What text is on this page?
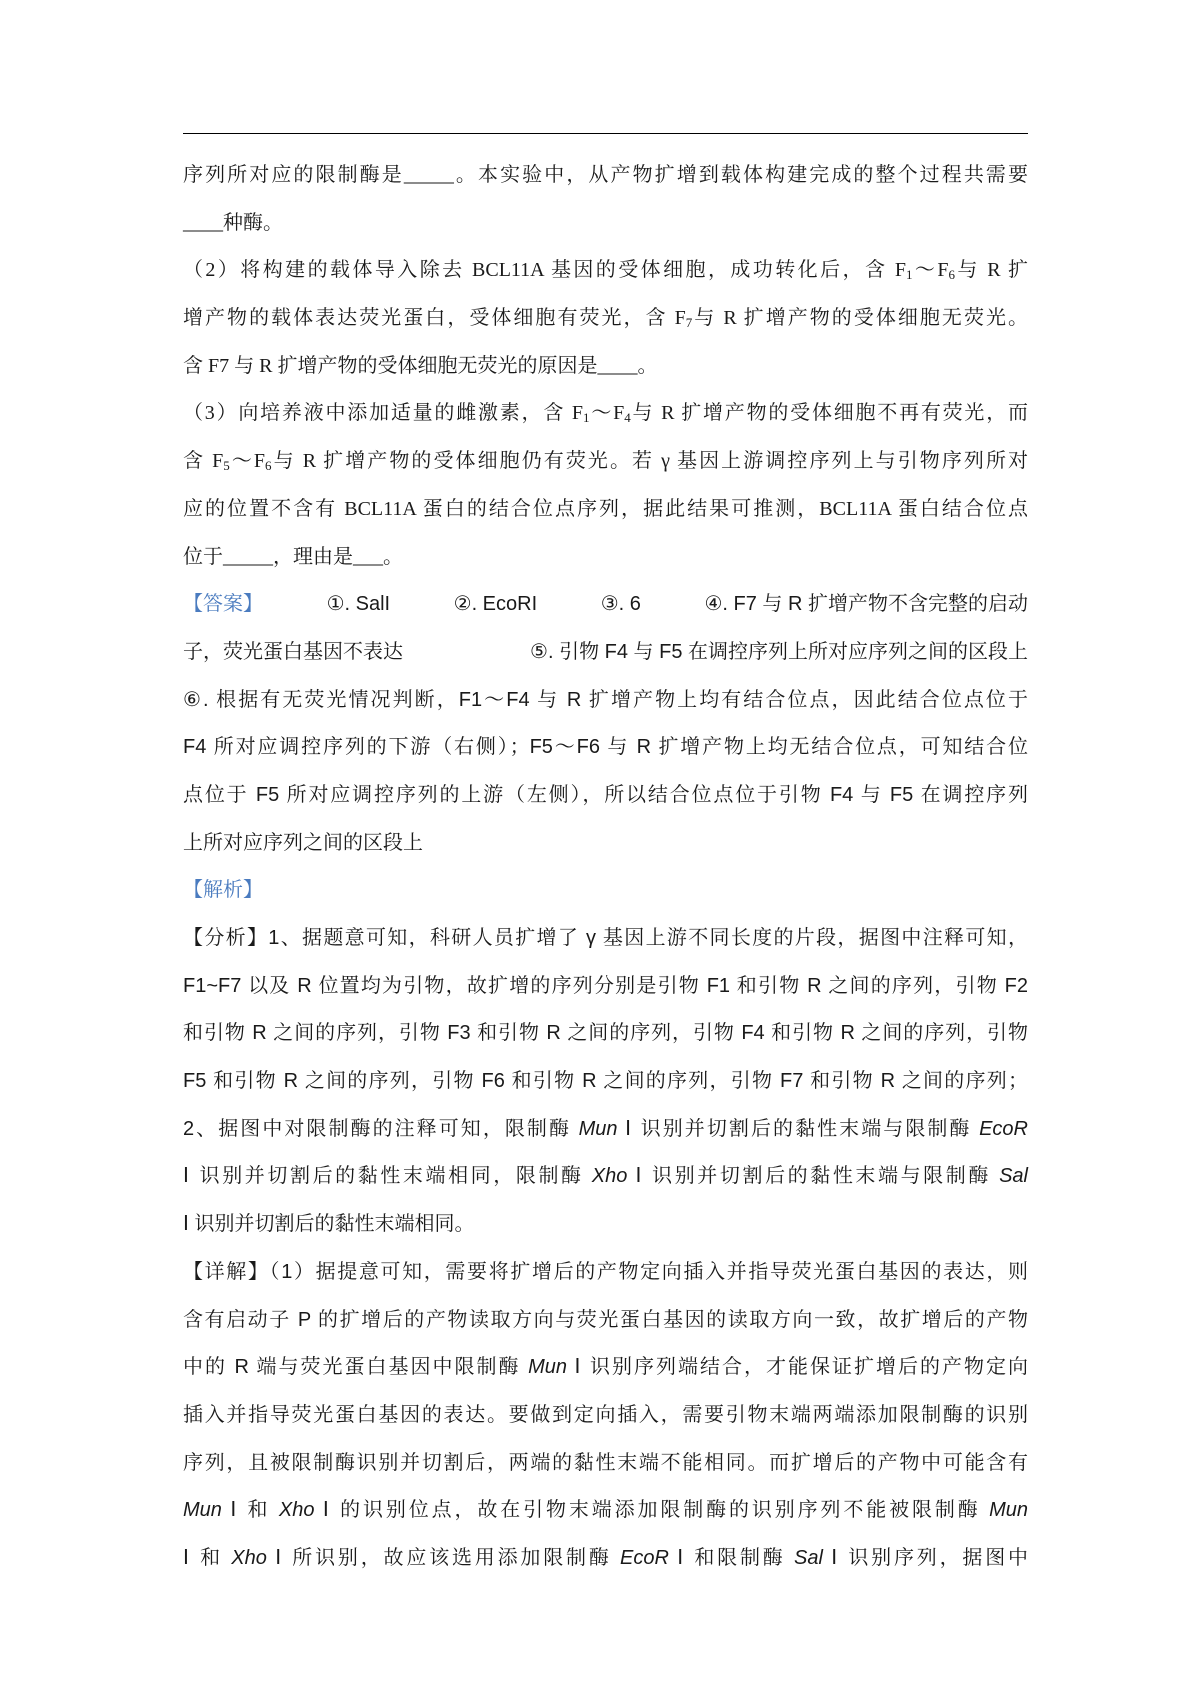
序列所对应的限制酶是_____。本实验中，从产物扩增到载体构建完成的整个过程共需要
____种酶。
（2）将构建的载体导入除去 BCL11A 基因的受体细胞，成功转化后，含 $F_1\sim F_6$与 R 扩
增产物的载体表达荧光蛋白，受体细胞有荧光，含 $F_7$与 R 扩增产物的受体细胞无荧光。
含 F7 与 R 扩增产物的受体细胞无荧光的原因是____。
（3）向培养液中添加适量的雌激素，含 $F_1\sim F_4$与 R 扩增产物的受体细胞不再有荧光，而
含 $F_5\sim F_6$与 R 扩增产物的受体细胞仍有荧光。若 γ 基因上游调控序列上与引物序列所对
应的位置不含有 BCL11A 蛋白的结合位点序列，据此结果可推测，BCL11A 蛋白结合位点
位于_____，理由是___。
【答案】	①. SalI	②. EcoRI	③. 6	④. F7 与 R 扩增产物不含完整的启动
子，荧光蛋白基因不表达	⑤. 引物 F4 与 F5 在调控序列上所对应序列之间的区段上
⑥. 根据有无荧光情况判断，F1～F4 与 R 扩增产物上均有结合位点，因此结合位点位于
F4 所对应调控序列的下游（右侧）；F5～F6 与 R 扩增产物上均无结合位点，可知结合位
点位于 F5 所对应调控序列的上游（左侧），所以结合位点位于引物 F4 与 F5 在调控序列
上所对应序列之间的区段上
【解析】
【分析】1、据题意可知，科研人员扩增了 γ 基因上游不同长度的片段，据图中注释可知，
F1~F7 以及 R 位置均为引物，故扩增的序列分别是引物 F1 和引物 R 之间的序列，引物 F2
和引物 R 之间的序列，引物 F3 和引物 R 之间的序列，引物 F4 和引物 R 之间的序列，引物
F5 和引物 R 之间的序列，引物 F6 和引物 R 之间的序列，引物 F7 和引物 R 之间的序列；
2、据图中对限制酶的注释可知，限制酶 Mun Ⅰ 识别并切割后的黏性末端与限制酶 EcoR
Ⅰ 识别并切割后的黏性末端相同，限制酶 Xho Ⅰ 识别并切割后的黏性末端与限制酶 Sal
Ⅰ 识别并切割后的黏性末端相同。
【详解】（1）据提意可知，需要将扩增后的产物定向插入并指导荧光蛋白基因的表达，则
含有启动子 P 的扩增后的产物读取方向与荧光蛋白基因的读取方向一致，故扩增后的产物
中的 R 端与荧光蛋白基因中限制酶 Mun Ⅰ 识别序列端结合，才能保证扩增后的产物定向
插入并指导荧光蛋白基因的表达。要做到定向插入，需要引物末端两端添加限制酶的识别
序列，且被限制酶识别并切割后，两端的黏性末端不能相同。而扩增后的产物中可能含有
Mun Ⅰ 和 Xho Ⅰ 的识别位点，故在引物末端添加限制酶的识别序列不能被限制酶 Mun
Ⅰ 和 Xho Ⅰ 所识别，故应该选用添加限制酶 EcoR Ⅰ 和限制酶 Sal Ⅰ 识别序列，据图中
